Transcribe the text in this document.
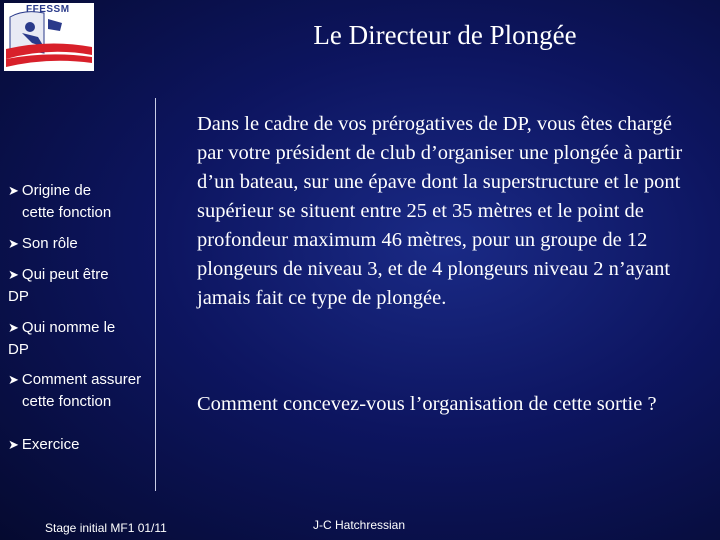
FFESSM
Le Directeur de Plongée
➤ Origine de
cette fonction
➤ Son rôle
➤ Qui peut être
DP
➤ Qui nomme le
DP
➤ Comment assurer
cette fonction
➤ Exercice
Dans le cadre de vos prérogatives de DP, vous êtes chargé par votre président de club d’organiser une plongée à partir d’un bateau, sur une épave dont la superstructure et le pont supérieur se situent entre 25 et 35 mètres et le point de profondeur maximum 46 mètres, pour un groupe de 12 plongeurs de niveau 3, et de 4 plongeurs niveau 2 n’ayant jamais fait ce type de plongée.
Comment concevez-vous l’organisation de cette sortie ?
Stage initial MF1 01/11	J-C Hatchressian
